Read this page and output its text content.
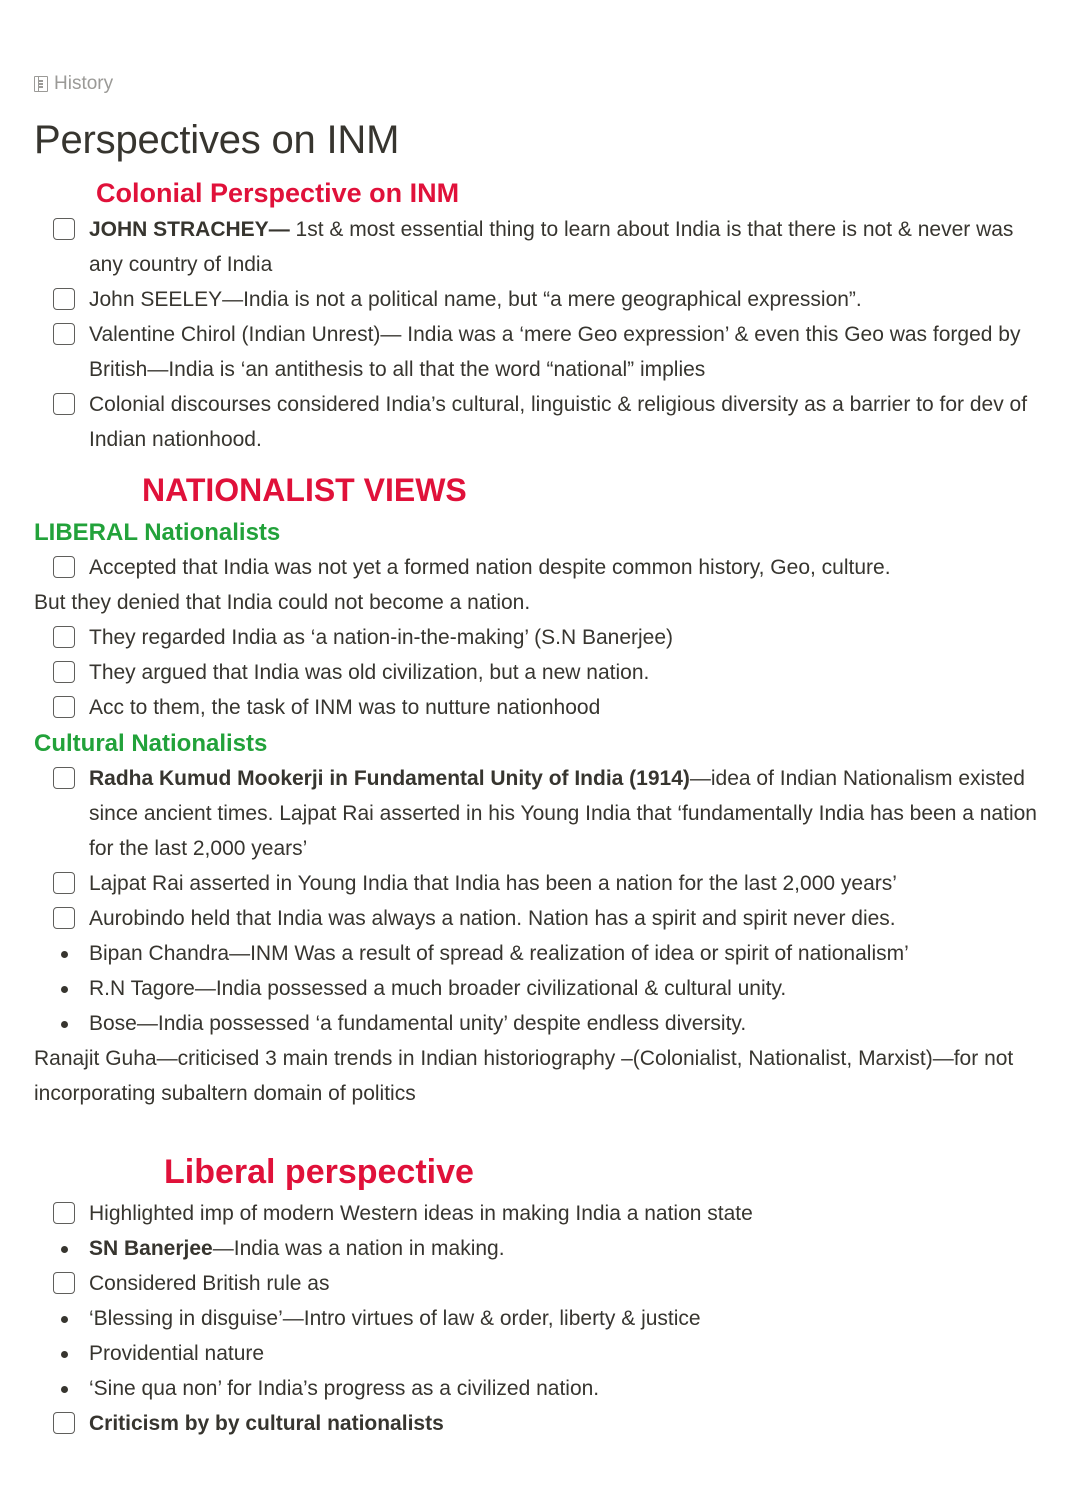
History
Perspectives on INM
Colonial Perspective on INM
JOHN STRACHEY— 1st & most essential thing to learn about India is that there is not & never was any country of India
John SEELEY—India is not a political name, but “a mere geographical expression”.
Valentine Chirol (Indian Unrest)— India was a ‘mere Geo expression’ & even this Geo was forged by British—India is ‘an antithesis to all that the word “national” implies
Colonial discourses considered India’s cultural, linguistic & religious diversity as a barrier to for dev of Indian nationhood.
NATIONALIST VIEWS
LIBERAL Nationalists
Accepted that India was not yet a formed nation despite common history, Geo, culture.
But they denied that India could not become a nation.
They regarded India as ‘a nation-in-the-making’ (S.N Banerjee)
They argued that India was old civilization, but a new nation.
Acc to them, the task of INM was to nutture nationhood
Cultural Nationalists
Radha Kumud Mookerji in Fundamental Unity of India (1914)—idea of Indian Nationalism existed since ancient times. Lajpat Rai asserted in his Young India that ‘fundamentally India has been a nation for the last 2,000 years’
Lajpat Rai asserted in Young India that India has been a nation for the last 2,000 years’
Aurobindo held that India was always a nation. Nation has a spirit and spirit never dies.
Bipan Chandra—INM Was a result of spread & realization of idea or spirit of nationalism’
R.N Tagore—India possessed a much broader civilizational & cultural unity.
Bose—India possessed ‘a fundamental unity’ despite endless diversity.
Ranajit Guha—criticised 3 main trends in Indian historiography –(Colonialist, Nationalist, Marxist)—for not incorporating subaltern domain of politics
Liberal perspective
Highlighted imp of modern Western ideas in making India a nation state
SN Banerjee—India was a nation in making.
Considered British rule as
‘Blessing in disguise’—Intro virtues of law & order, liberty & justice
Providential nature
‘Sine qua non’ for India’s progress as a civilized nation.
Criticism by by cultural nationalists
